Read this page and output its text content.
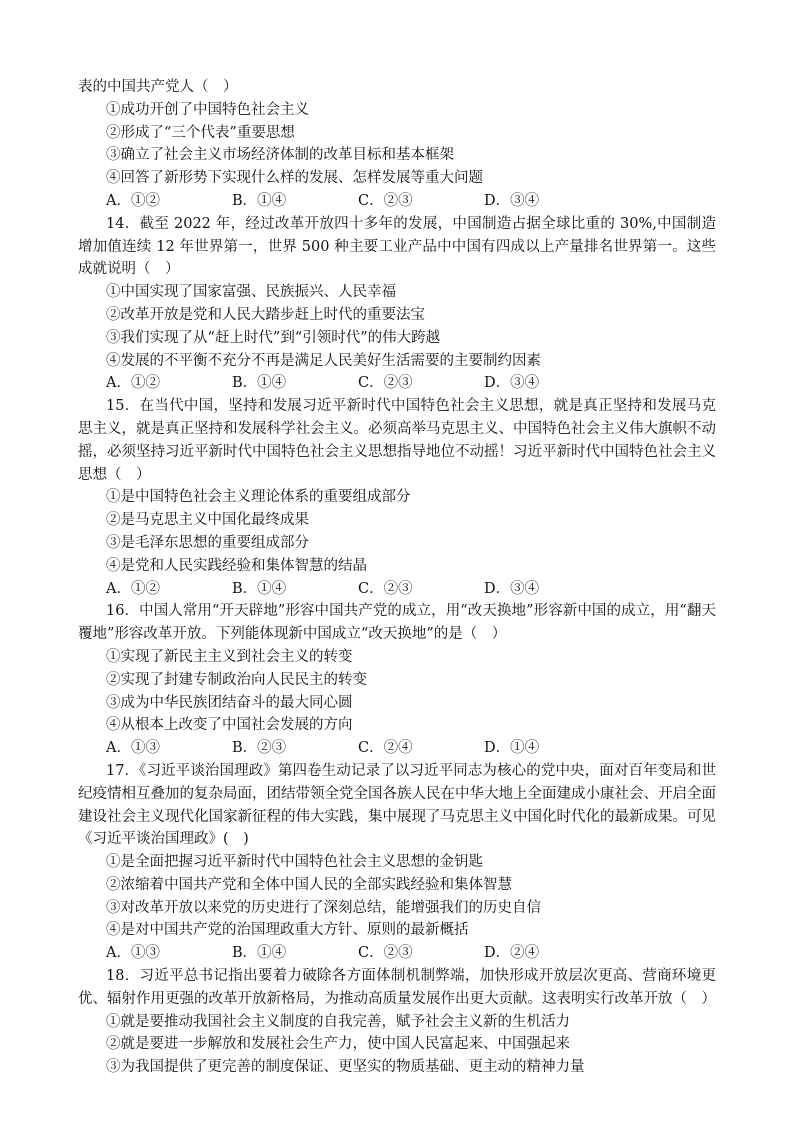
表的中国共产党人（　）
①成功开创了中国特色社会主义
②形成了“三个代表”重要思想
③确立了社会主义市场经济体制的改革目标和基本框架
④回答了新形势下实现什么样的发展、怎样发展等重大问题
A．①②	B．①④	C．②③	D．③④
14．截至 2022 年，经过改革开放四十多年的发展，中国制造占据全球比重的 30%,中国制造增加值连续 12 年世界第一，世界 500 种主要工业产品中中国有四成以上产量排名世界第一。这些成就说明（　）
①中国实现了国家富强、民族振兴、人民幸福
②改革开放是党和人民大踏步赶上时代的重要法宝
③我们实现了从“赶上时代”到“引领时代”的伟大跨越
④发展的不平衡不充分不再是满足人民美好生活需要的主要制约因素
A．①②	B．①④	C．②③	D．③④
15．在当代中国，坚持和发展习近平新时代中国特色社会主义思想，就是真正坚持和发展马克思主义，就是真正坚持和发展科学社会主义。必须高举马克思主义、中国特色社会主义伟大旗帜不动摇，必须坚持习近平新时代中国特色社会主义思想指导地位不动摇！习近平新时代中国特色社会主义思想（　）
①是中国特色社会主义理论体系的重要组成部分
②是马克思主义中国化最终成果
③是毛泽东思想的重要组成部分
④是党和人民实践经验和集体智慧的结晶
A．①②	B．①④	C．②③	D．③④
16．中国人常用“开天辟地”形容中国共产党的成立，用“改天换地”形容新中国的成立，用“翻天覆地”形容改革开放。下列能体现新中国成立“改天换地”的是（　）
①实现了新民主主义到社会主义的转变
②实现了封建专制政治向人民民主的转变
③成为中华民族团结奋斗的最大同心圆
④从根本上改变了中国社会发展的方向
A．①③	B．②③	C．②④	D．①④
17．《习近平谈治国理政》第四卷生动记录了以习近平同志为核心的党中央，面对百年变局和世纪疫情相互叠加的复杂局面，团结带领全党全国各族人民在中华大地上全面建成小康社会、开启全面建设社会主义现代化国家新征程的伟大实践，集中展现了马克思主义中国化时代化的最新成果。可见《习近平谈治国理政》(　)
①是全面把握习近平新时代中国特色社会主义思想的金钥匙
②浓缩着中国共产党和全体中国人民的全部实践经验和集体智慧
③对改革开放以来党的历史进行了深刻总结，能增强我们的历史自信
④是对中国共产党的治国理政重大方针、原则的最新概括
A．①③	B．①④	C．②③	D．②④
18．习近平总书记指出要着力破除各方面体制机制弊端，加快形成开放层次更高、营商环境更优、辐射作用更强的改革开放新格局，为推动高质量发展作出更大贡献。这表明实行改革开放（　）
①就是要推动我国社会主义制度的自我完善，赋予社会主义新的生机活力
②就是要进一步解放和发展社会生产力，使中国人民富起来、中国强起来
③为我国提供了更完善的制度保证、更坚实的物质基础、更主动的精神力量
